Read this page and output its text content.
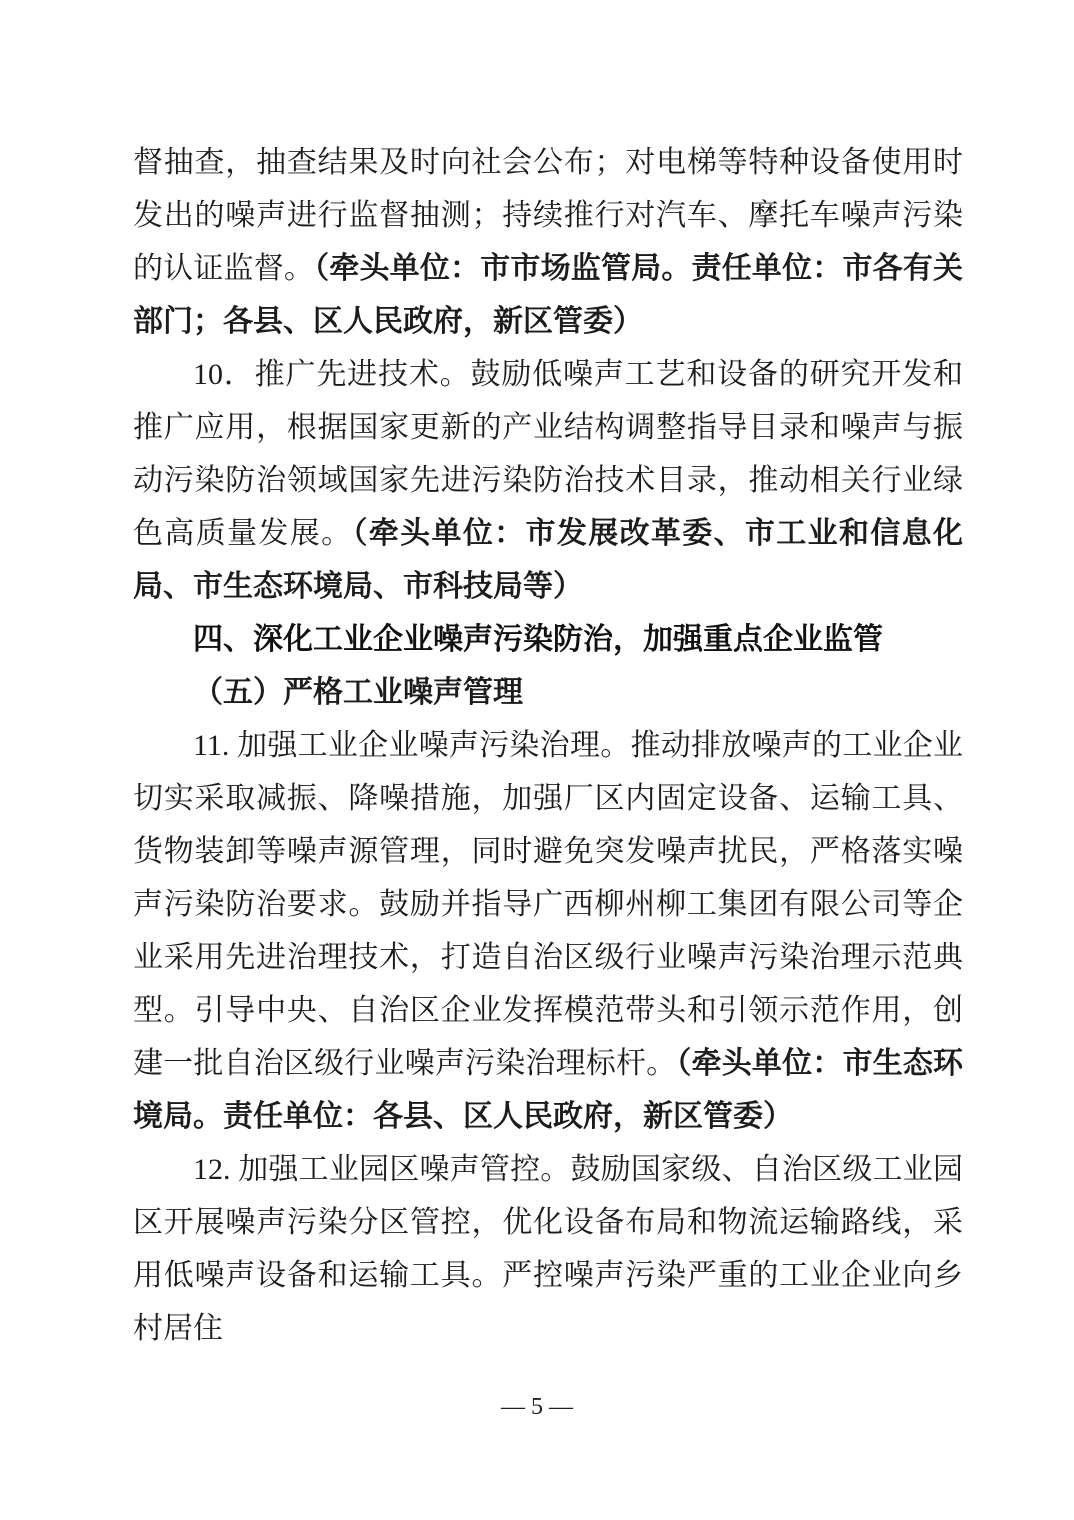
督抽查，抽查结果及时向社会公布；对电梯等特种设备使用时发出的噪声进行监督抽测；持续推行对汽车、摩托车噪声污染的认证监督。（牵头单位：市市场监管局。责任单位：市各有关部门；各县、区人民政府，新区管委）

10．推广先进技术。鼓励低噪声工艺和设备的研究开发和推广应用，根据国家更新的产业结构调整指导目录和噪声与振动污染防治领域国家先进污染防治技术目录，推动相关行业绿色高质量发展。（牵头单位：市发展改革委、市工业和信息化局、市生态环境局、市科技局等）

四、深化工业企业噪声污染防治，加强重点企业监管

（五）严格工业噪声管理

11. 加强工业企业噪声污染治理。推动排放噪声的工业企业切实采取减振、降噪措施，加强厂区内固定设备、运输工具、货物装卸等噪声源管理，同时避免突发噪声扰民，严格落实噪声污染防治要求。鼓励并指导广西柳州柳工集团有限公司等企业采用先进治理技术，打造自治区级行业噪声污染治理示范典型。引导中央、自治区企业发挥模范带头和引领示范作用，创建一批自治区级行业噪声污染治理标杆。（牵头单位：市生态环境局。责任单位：各县、区人民政府，新区管委）

12. 加强工业园区噪声管控。鼓励国家级、自治区级工业园区开展噪声污染分区管控，优化设备布局和物流运输路线，采用低噪声设备和运输工具。严控噪声污染严重的工业企业向乡村居住

— 5 —
